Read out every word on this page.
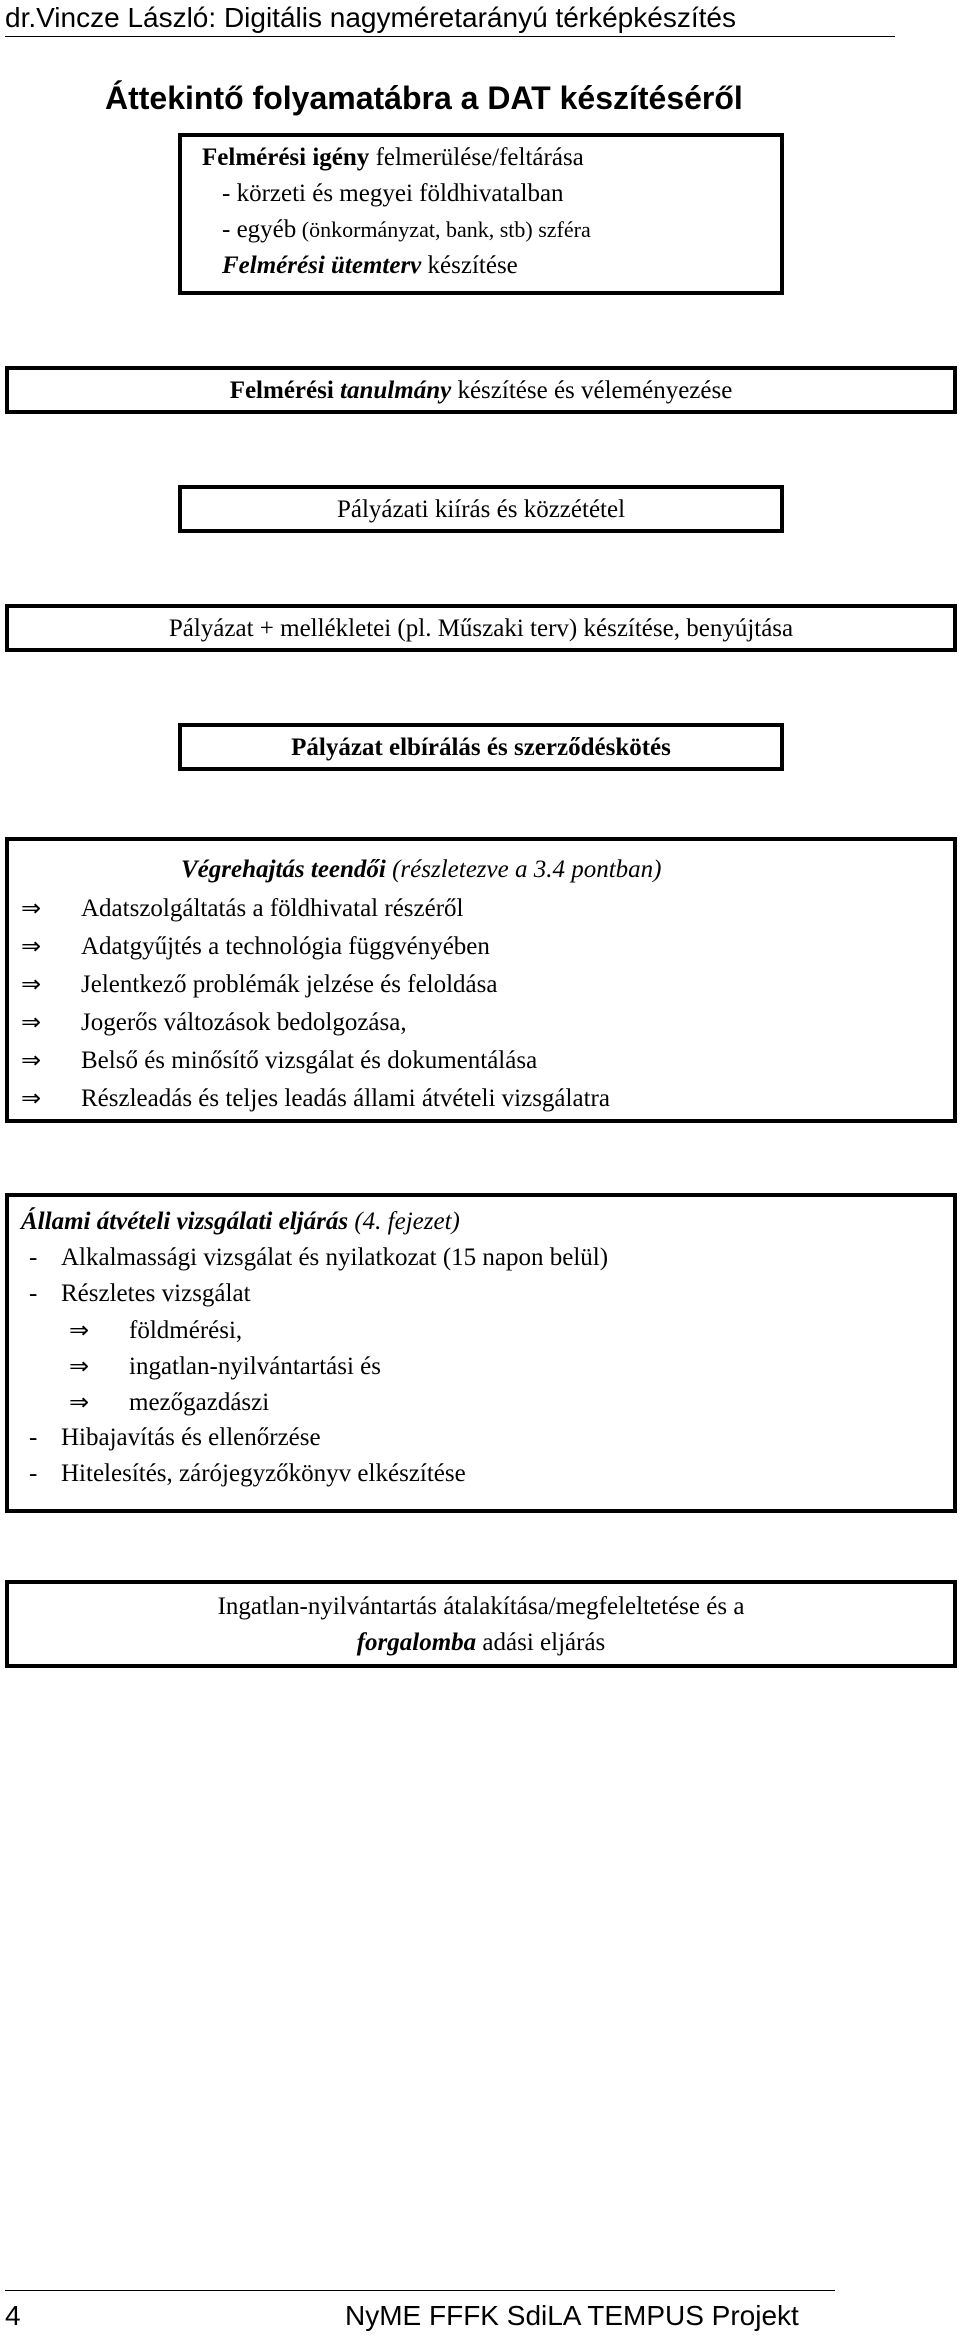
dr.Vincze László: Digitális nagyméretarányú térképkészítés
Áttekintő folyamatábra a DAT készítéséről
Felmérési igény felmerülése/feltárása
- körzeti és megyei földhivatalban
- egyéb (önkormányzat, bank, stb) szféra
Felmérési ütemterv készítése
Felmérési tanulmány készítése és véleményezése
Pályázati kiírás és közzététel
Pályázat + mellékletei (pl. Műszaki terv) készítése, benyújtása
Pályázat elbírálás és szerződéskötés
Végrehajtás teendői (részletezve a 3.4 pontban)
⇒ Adatszolgáltatás a földhivatal részéről
⇒ Adatgyűjtés a technológia függvényében
⇒ Jelentkező problémák jelzése és feloldása
⇒ Jogerős változások bedolgozása,
⇒ Belső és minősítő vizsgálat és dokumentálása
⇒ Részleadás és teljes leadás állami átvételi vizsgálatra
Állami átvételi vizsgálati eljárás (4. fejezet)
- Alkalmassági vizsgálat és nyilatkozat (15 napon belül)
- Részletes vizsgálat
⇒ földmérési,
⇒ ingatlan-nyilvántartási és
⇒ mezőgazdászi
- Hibajavítás és ellenőrzése
- Hitelesítés, zárójegyzőkönyv elkészítése
Ingatlan-nyilvántartás átalakítása/megfeleltetése és a
forgalomba adási eljárás
4	NyME FFFK SdiLA TEMPUS Projekt
